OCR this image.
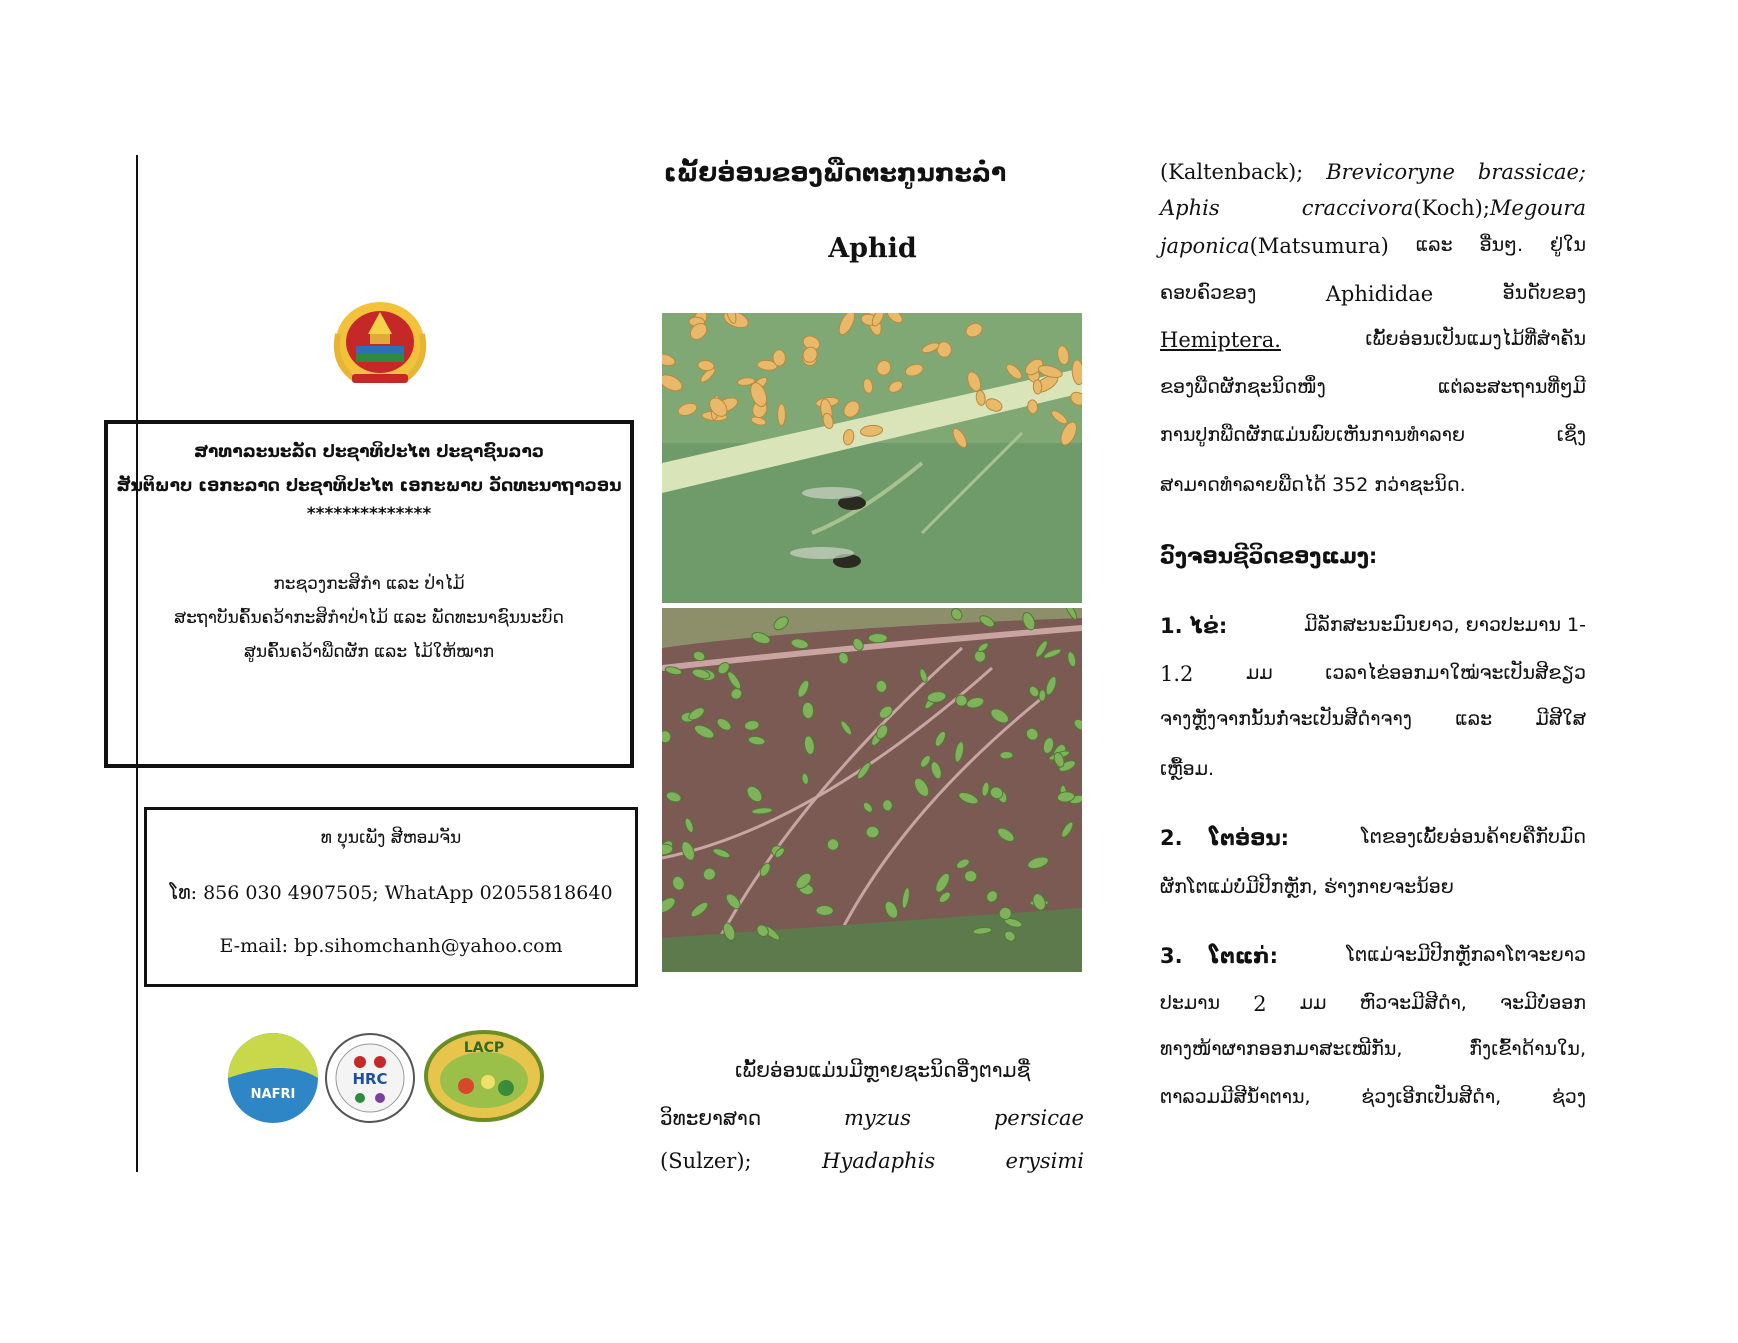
ສາທາລະນະລັດ ປະຊາທິປະໄຕ ປະຊາຊົນລາວ
ສັນຕິພາບ ເອກະລາດ ປະຊາທິປະໄຕ ເອກະພາບ ວັດທະນາຖາວອນ
**************
ກະຊວງກະສິກຳ ແລະ ປ່າໄມ້
ສະຖາບັນຄົ້ນຄວ້າກະສິກຳປ່າໄມ້ ແລະ ພັດທະນາຊົນນະບົດ
ສູນຄົ້ນຄວ້າພືດຜັກ ແລະ ໄມ້ໃຫ້ໝາກ
ທ ບຸນເພັງ ສີຫອມຈັນ
ໂທ: 856 030 4907505; WhatApp 02055818640
E-mail: bp.sihomchanh@yahoo.com
NAFRI
HRC
LACP
ເພັ້ຍອ່ອນຂອງພືດຕະກູນກະລໍ່າ
Aphid
ເພັ້ຍອ່ອນແມ່ນມີຫຼາຍຊະນິດອີ່ງຕາມຊື່
ວິທະຍາສາດ	myzus	persicae
(Sulzer);	Hyadaphis	erysimi
(Kaltenback); Brevicoryne brassicae;
Aphis	craccivora(Koch);Megoura
japonica(Matsumura) ແລະ ອື່ນໆ. ຢູ່ໃນ
ຄອບຄົວຂອງ	Aphididae	ອັນດັບຂອງ
Hemiptera.	ເພັ້ຍອ່ອນເປັນແມງໄມ້ທີ່ສຳຄັນ
ຂອງພືດຜັກຊະນິດໜຶ່ງ	ແຕ່ລະສະຖານທີ່ໆມີ
ການປູກພືດຜັກແມ່ນພົບເຫັນການທຳລາຍ	ເຊິ່ງ
ສາມາດທຳລາຍພືດໄດ້ 352 ກວ່າຊະນິດ.
ວົງຈອນຊີວິດຂອງແມງ:
1. ໄຂ່:	ມີລັກສະນະມົນຍາວ, ຍາວປະມານ 1-
1.2	ມມ	ເວລາໄຂ່ອອກມາໃໝ່ຈະເປັນສີຂຽວ
ຈາງຫຼັງຈາກນັ້ນກໍ່ຈະເປັນສີດຳຈາງ ແລະ ມີສີໃສ
ເຫຼື້ອມ.
2. ໂຕອ່ອນ:	ໂຕຂອງເພັ້ຍອ່ອນຄ້າຍຄືກັບມົດ
ຜັກໂຕແມ່ບໍ່ມີປີກຫຼັກ, ຮ່າງກາຍຈະນ້ອຍ
3. ໂຕແກ່:	ໂຕແມ່ຈະມີປີກຫຼັກລາໂຕຈະຍາວ
ປະມານ 2 ມມ ຫົວຈະມີສີດຳ, ຈະມີບໍ່ອອກ
ທາງໜ້າຜາກອອກມາສະເໝີກັນ,	ກົ່ງເຂົ້າດ້ານໃນ,
ຕາລວມມີສີນ້ຳຕານ,	ຊ່ວງເອີກເປັນສີດຳ,	ຊ່ວງ
